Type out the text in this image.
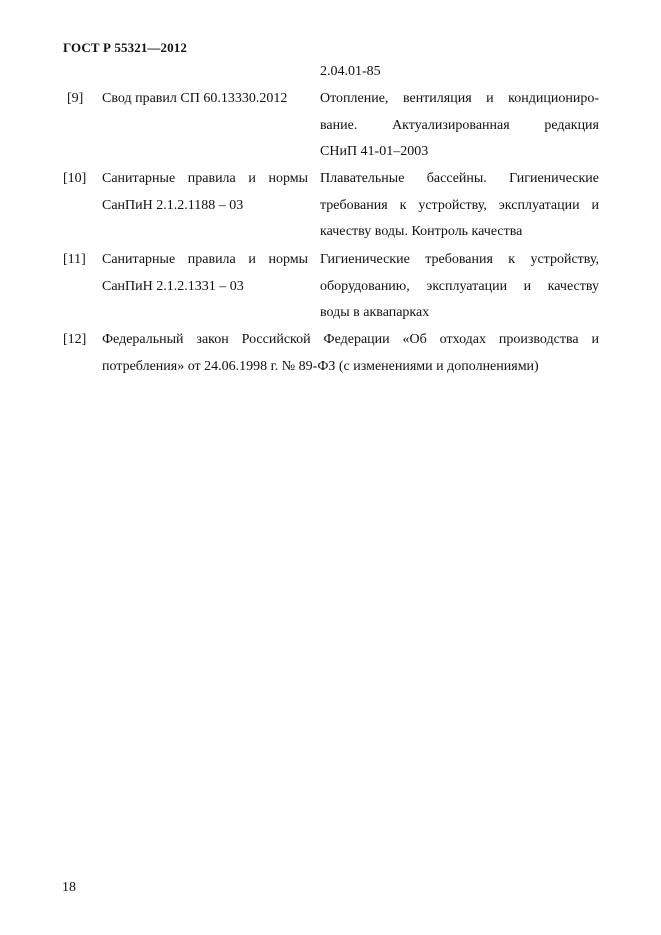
ГОСТ Р 55321—2012
2.04.01-85
[9] Свод правил СП 60.13330.2012	Отопление, вентиляция и кондициониро-
вание. Актуализированная редакция
СНиП 41-01–2003
[10] Санитарные правила и нормы
СанПиН 2.1.2.1188 – 03
Плавательные бассейны. Гигиенические
требования к устройству, эксплуатации и
качеству воды. Контроль качества
[11] Санитарные правила и нормы
СанПиН 2.1.2.1331 – 03
Гигиенические требования к устройству,
оборудованию, эксплуатации и качеству
воды в аквапарках
[12] Федеральный закон Российской Федерации «Об отходах производства и
потребления» от 24.06.1998 г. № 89-ФЗ (с изменениями и дополнениями)
18
